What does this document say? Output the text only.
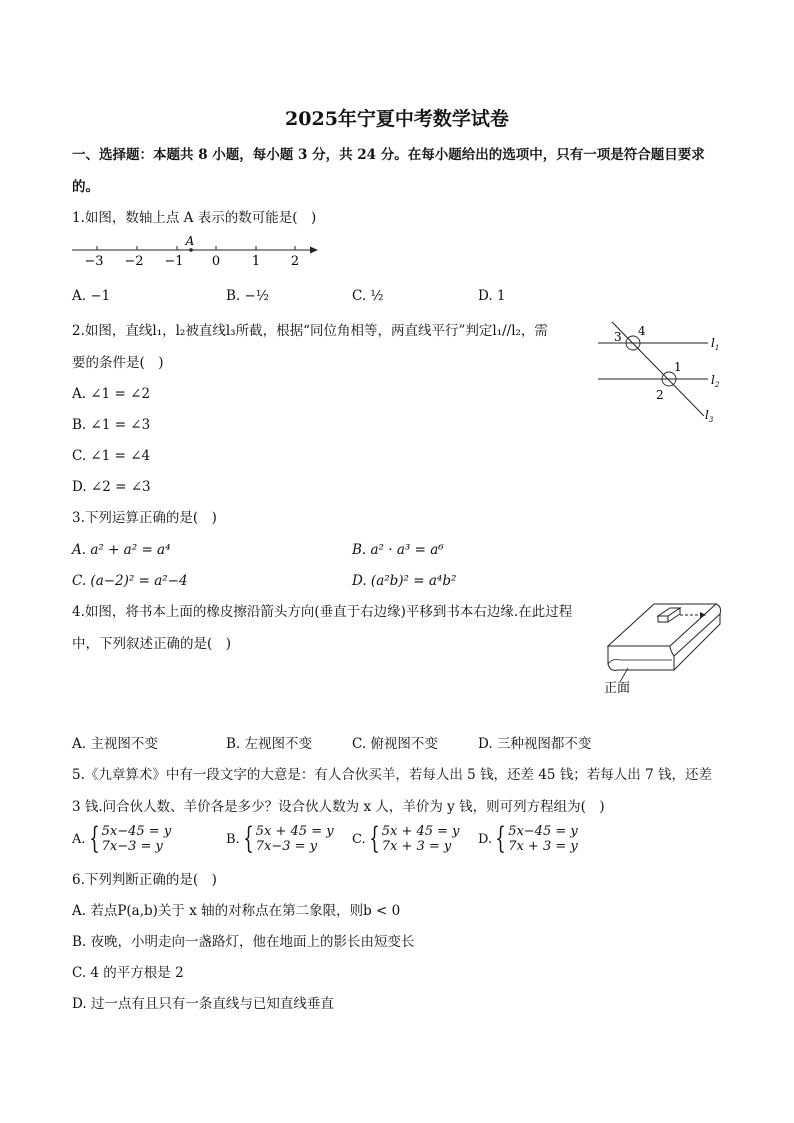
2025年宁夏中考数学试卷
一、选择题：本题共 8 小题，每小题 3 分，共 24 分。在每小题给出的选项中，只有一项是符合题目要求
的。
1.如图，数轴上点 A 表示的数可能是(　)
−3 −2 −1 0 1 2
A
A. −1	B. −½	C. ½	D. 1
2.如图，直线l₁，l₂被直线l₃所截，根据“同位角相等，两直线平行”判定l₁//l₂，需
要的条件是(　)
A. ∠1 = ∠2
B. ∠1 = ∠3
C. ∠1 = ∠4
D. ∠2 = ∠3
3 4
1
2
$l_1$
$l_2$
$l_3$
3.下列运算正确的是(　)
A. a² + a² = a⁴	B. a² · a³ = a⁶
C. (a−2)² = a²−4	D. (a²b)² = a⁴b²
4.如图，将书本上面的橡皮擦沿箭头方向(垂直于右边缘)平移到书本右边缘.在此过程
中，下列叙述正确的是(　)
正面
A. 主视图不变	B. 左视图不变	C. 俯视图不变	D. 三种视图都不变
5.《九章算术》中有一段文字的大意是：有人合伙买羊，若每人出 5 钱，还差 45 钱；若每人出 7 钱，还差
3 钱.问合伙人数、羊价各是多少？设合伙人数为 x 人，羊价为 y 钱，则可列方程组为(　)
A. { 5x−45 = y
7x−3 = y	B. { 5x + 45 = y
7x−3 = y	C. { 5x + 45 = y
7x + 3 = y	D. { 5x−45 = y
7x + 3 = y
6.下列判断正确的是(　)
A. 若点P(a,b)关于 x 轴的对称点在第二象限，则b < 0
B. 夜晚，小明走向一盏路灯，他在地面上的影长由短变长
C. 4 的平方根是 2
D. 过一点有且只有一条直线与已知直线垂直
